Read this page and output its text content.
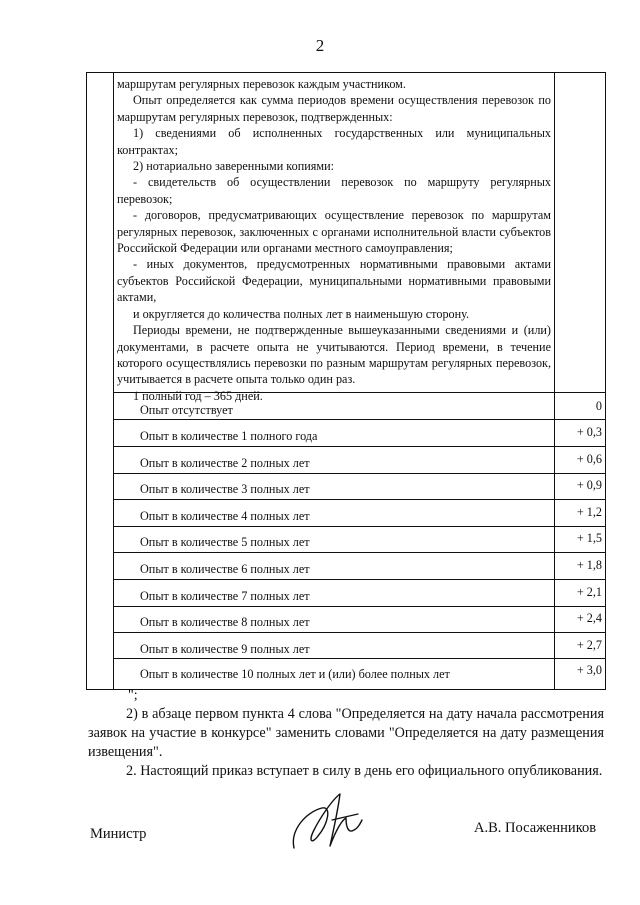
2

маршрутам регулярных перевозок каждым участником.

Опыт определяется как сумма периодов времени осуществления перевозок по маршрутам регулярных перевозок, подтвержденных:

1) сведениями об исполненных государственных или муниципальных контрактах;

2) нотариально заверенными копиями:

- свидетельств об осуществлении перевозок по маршруту регулярных перевозок;

- договоров, предусматривающих осуществление перевозок по маршрутам регулярных перевозок, заключенных с органами исполнительной власти субъектов Российской Федерации или органами местного самоуправления;

- иных документов, предусмотренных нормативными правовыми актами субъектов Российской Федерации, муниципальными нормативными правовыми актами,

и округляется до количества полных лет в наименьшую сторону.

Периоды времени, не подтвержденные вышеуказанными сведениями и (или) документами, в расчете опыта не учитываются. Период времени, в течение которого осуществлялись перевозки по разным маршрутам регулярных перевозок, учитывается в расчете опыта только один раз.

1 полный год – 365 дней.

Опыт отсутствует	0
Опыт в количестве 1 полного года	+ 0,3
Опыт в количестве 2 полных лет	+ 0,6
Опыт в количестве 3 полных лет	+ 0,9
Опыт в количестве 4 полных лет	+ 1,2
Опыт в количестве 5 полных лет	+ 1,5
Опыт в количестве 6 полных лет	+ 1,8
Опыт в количестве 7 полных лет	+ 2,1
Опыт в количестве 8 полных лет	+ 2,4
Опыт в количестве 9 полных лет	+ 2,7
Опыт в количестве 10 полных лет и (или) более полных лет	+ 3,0
";

2) в абзаце первом пункта 4 слова "Определяется на дату начала рассмотрения заявок на участие в конкурсе" заменить словами "Определяется на дату размещения извещения".

2. Настоящий приказ вступает в силу в день его официального опубликования.

Министр	А.В. Посаженников
